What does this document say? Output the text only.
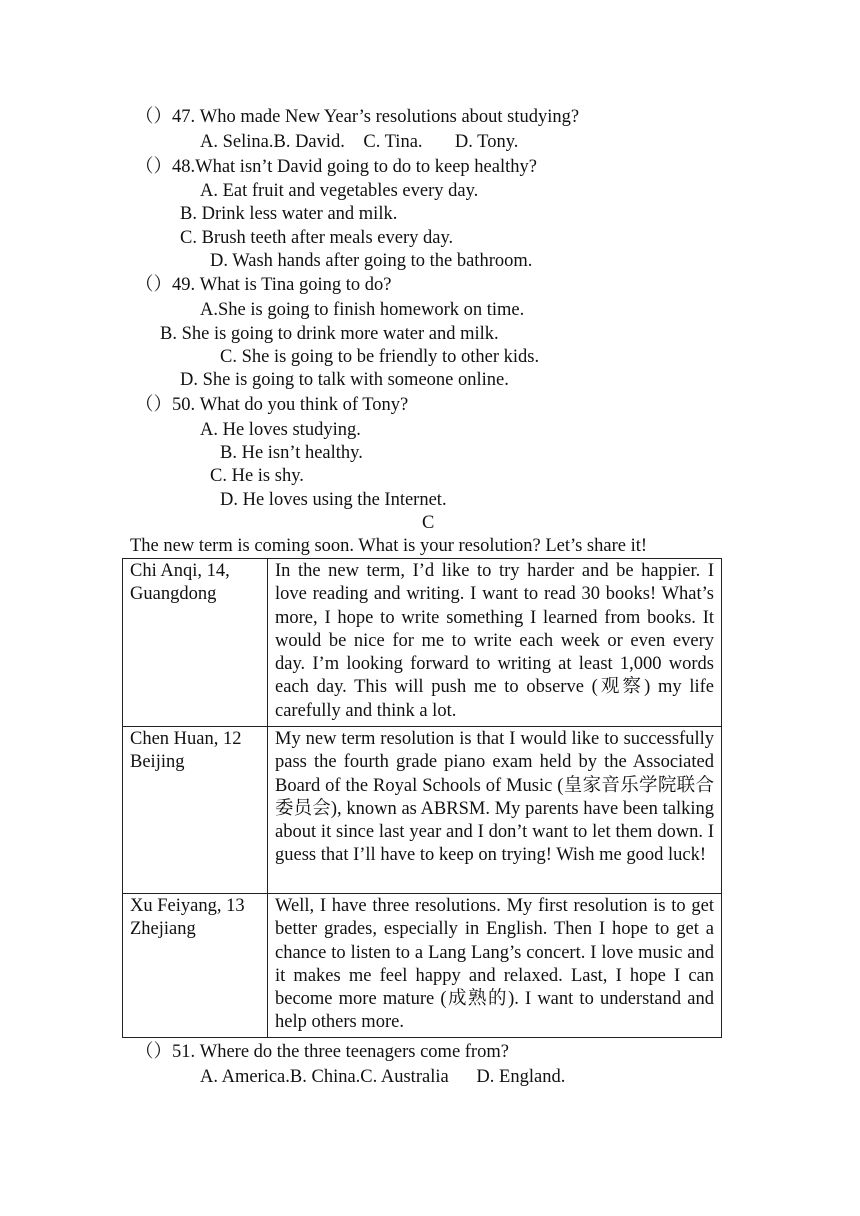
（）47. Who made New Year’s resolutions about studying?
A. Selina.B. David.    C. Tina.       D. Tony.
（）48.What isn’t David going to do to keep healthy?
A. Eat fruit and vegetables every day.
B. Drink less water and milk.
C. Brush teeth after meals every day.
D. Wash hands after going to the bathroom.
（）49. What is Tina going to do?
A.She is going to finish homework on time.
B. She is going to drink more water and milk.
C. She is going to be friendly to other kids.
D. She is going to talk with someone online.
（）50. What do you think of Tony?
A. He loves studying.
B. He isn’t healthy.
C. He is shy.
D. He loves using the Internet.
C
The new term is coming soon. What is your resolution? Let’s share it!
Chi Anqi, 14,
Guangdong	In the new term, I’d like to try harder and be happier. I love reading and writing. I want to read 30 books! What’s more, I hope to write something I learned from books. It would be nice for me to write each week or even every day. I’m looking forward to writing at least 1,000 words each day. This will push me to observe (观察) my life carefully and think a lot.

Chen Huan, 12
Beijing	My new term resolution is that I would like to successfully pass the fourth grade piano exam held by the Associated Board of the Royal Schools of Music (皇家音乐学院联合委员会), known as ABRSM. My parents have been talking about it since last year and I don’t want to let them down. I guess that I’ll have to keep on trying! Wish me good luck!

Xu Feiyang, 13
Zhejiang	Well, I have three resolutions. My first resolution is to get better grades, especially in English. Then I hope to get a chance to listen to a Lang Lang’s concert. I love music and it makes me feel happy and relaxed. Last, I hope I can become more mature (成熟的). I want to understand and help others more.
（）51. Where do the three teenagers come from?
A. America.B. China.C. Australia      D. England.
